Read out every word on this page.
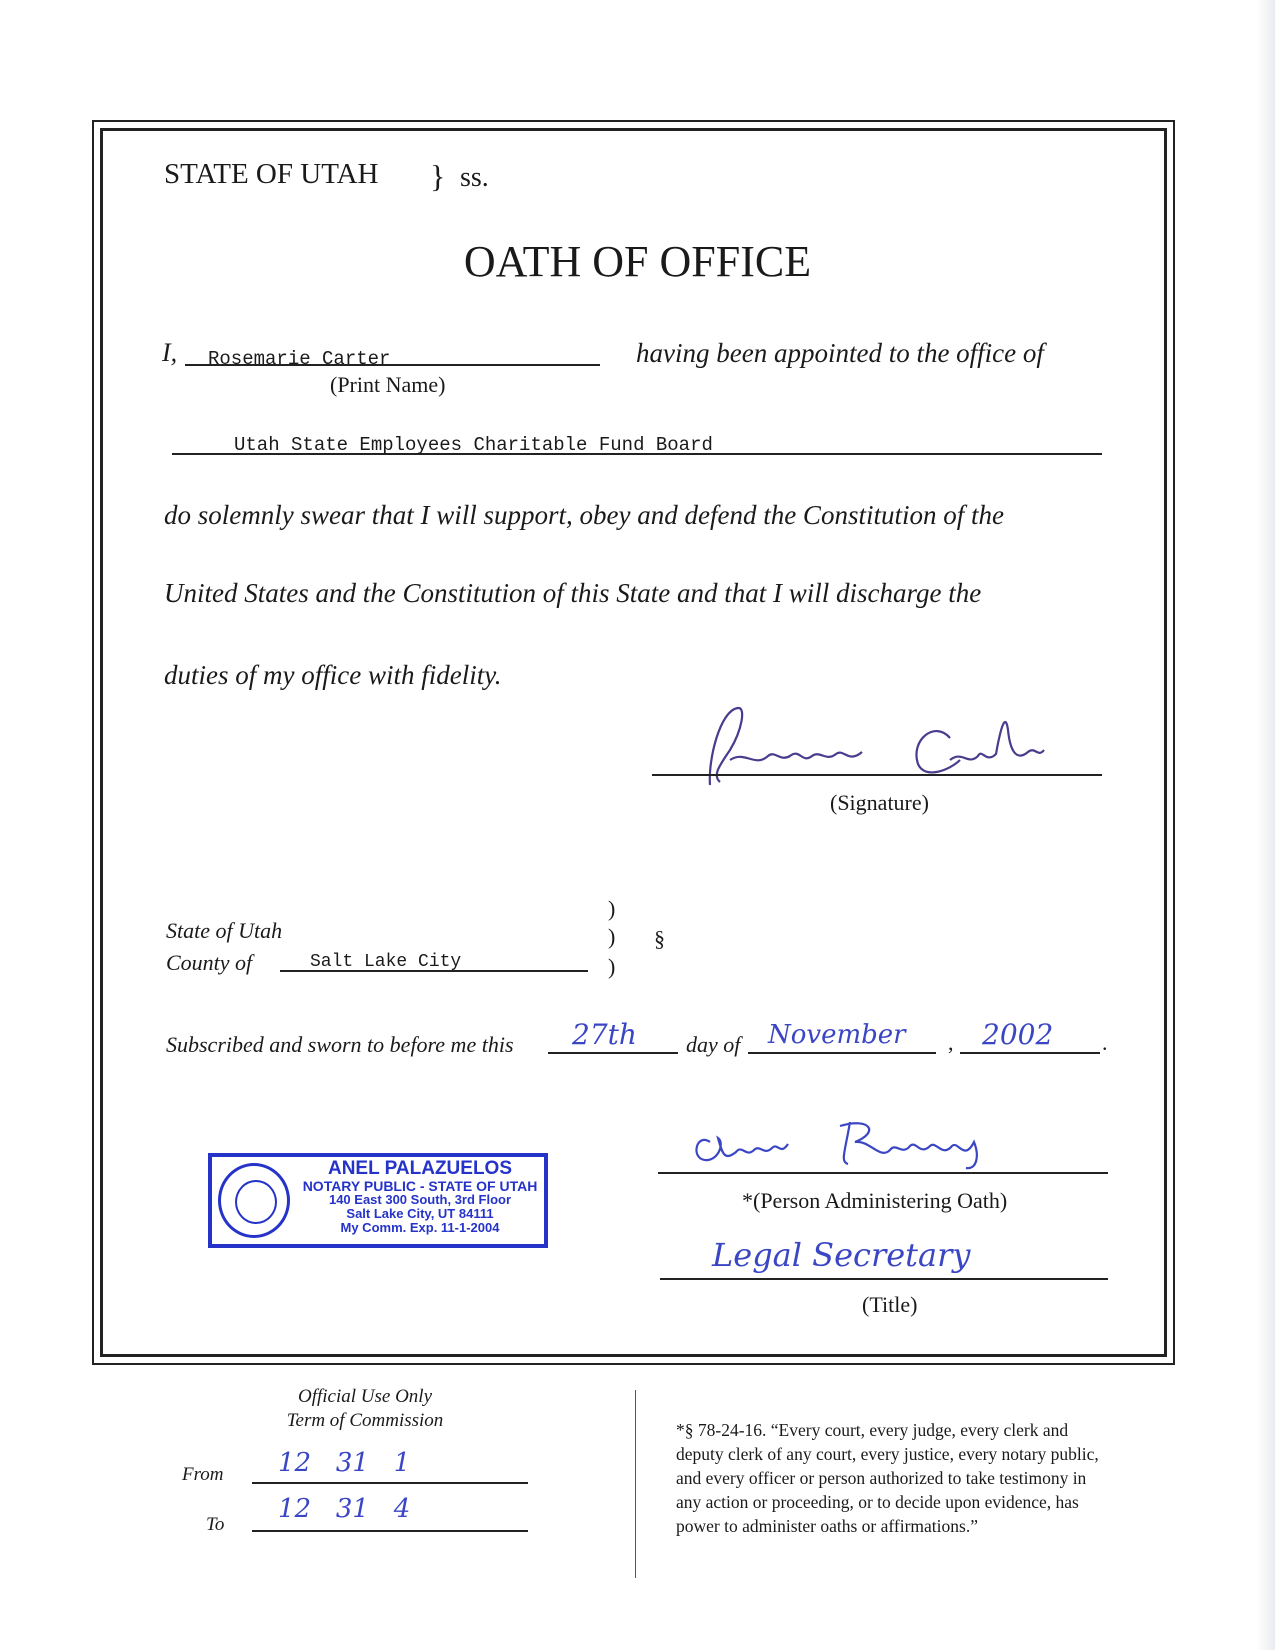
STATE OF UTAH } ss.
OATH OF OFFICE
I, Rosemarie Carter
(Print Name)
having been appointed to the office of
Utah State Employees Charitable Fund Board
do solemnly swear that I will support, obey and defend the Constitution of the
United States and the Constitution of this State and that I will discharge the
duties of my office with fidelity.
(Signature)
State of Utah
County of	Salt Lake City
)
)
)
§
Subscribed and sworn to before me this 27th day of November , 2002 .
ANEL PALAZUELOS
NOTARY PUBLIC - STATE OF UTAH
140 East 300 South, 3rd Floor
Salt Lake City, UT 84111
My Comm. Exp. 11-1-2004
*(Person Administering Oath)
Legal Secretary
(Title)
Official Use Only
Term of Commission
From 12   31   1
To
12   31   4
*§ 78-24-16. “Every court, every judge, every clerk and
deputy clerk of any court, every justice, every notary public,
and every officer or person authorized to take testimony in
any action or proceeding, or to decide upon evidence, has
power to administer oaths or affirmations.”
